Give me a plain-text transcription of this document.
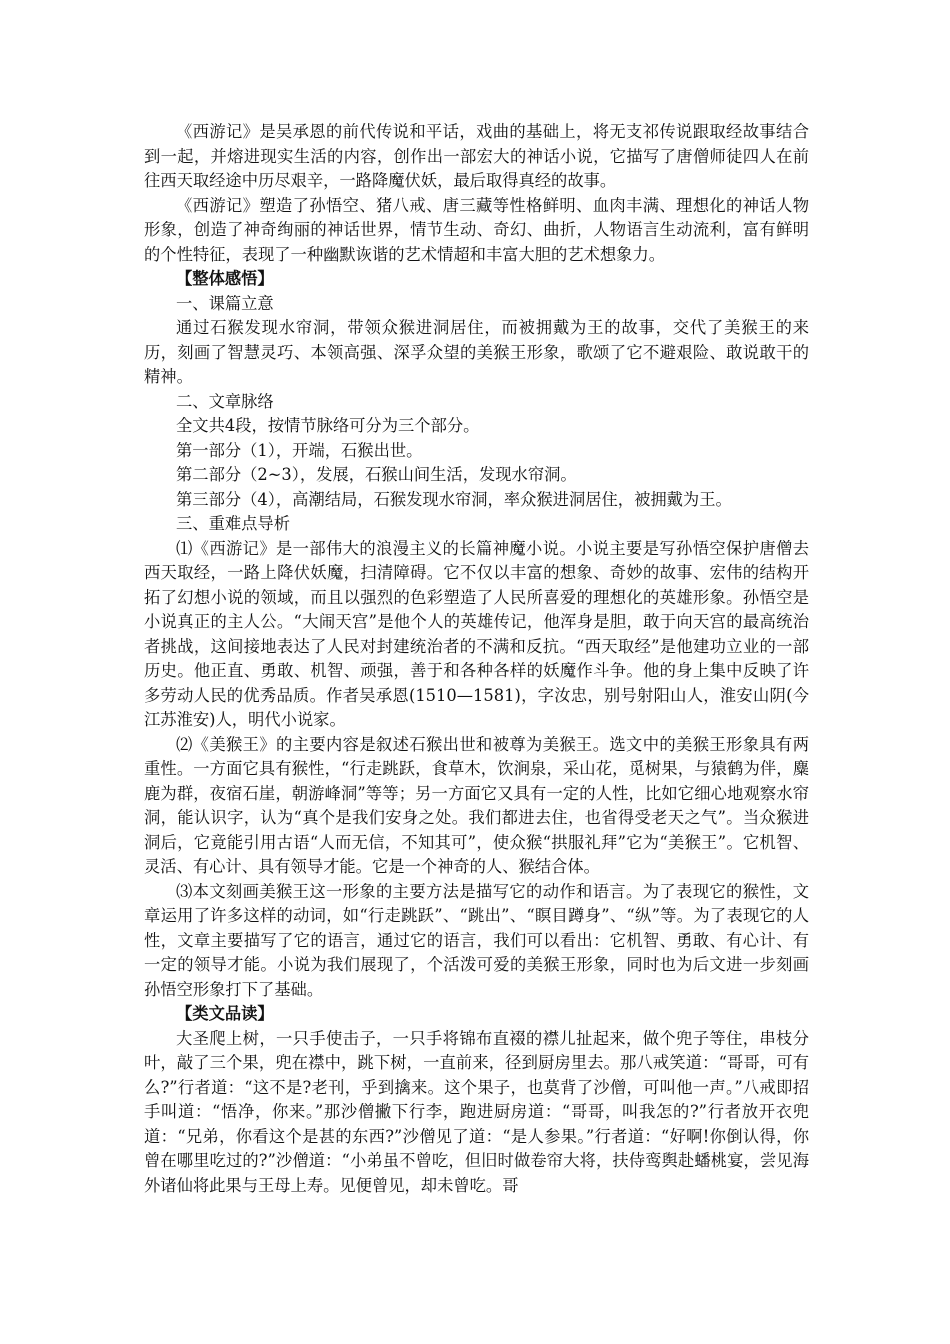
《西游记》是吴承恩的前代传说和平话，戏曲的基础上，将无支祁传说跟取经故事结合到一起，并熔进现实生活的内容，创作出一部宏大的神话小说，它描写了唐僧师徒四人在前往西天取经途中历尽艰辛，一路降魔伏妖，最后取得真经的故事。

《西游记》塑造了孙悟空、猪八戒、唐三藏等性格鲜明、血肉丰满、理想化的神话人物形象，创造了神奇绚丽的神话世界，情节生动、奇幻、曲折，人物语言生动流利，富有鲜明的个性特征，表现了一种幽默诙谐的艺术情超和丰富大胆的艺术想象力。

【整体感悟】

一、课篇立意

通过石猴发现水帘洞，带领众猴进洞居住，而被拥戴为王的故事，交代了美猴王的来历，刻画了智慧灵巧、本领高强、深孚众望的美猴王形象，歌颂了它不避艰险、敢说敢干的精神。

二、文章脉络

全文共4段，按情节脉络可分为三个部分。

第一部分（1），开端，石猴出世。

第二部分（2~3），发展，石猴山间生活，发现水帘洞。

第三部分（4），高潮结局，石猴发现水帘洞，率众猴进洞居住，被拥戴为王。

三、重难点导析

⑴《西游记》是一部伟大的浪漫主义的长篇神魔小说。小说主要是写孙悟空保护唐僧去西天取经，一路上降伏妖魔，扫清障碍。它不仅以丰富的想象、奇妙的故事、宏伟的结构开拓了幻想小说的领域，而且以强烈的色彩塑造了人民所喜爱的理想化的英雄形象。孙悟空是小说真正的主人公。“大闹天宫”是他个人的英雄传记，他浑身是胆，敢于向天宫的最高统治者挑战，这间接地表达了人民对封建统治者的不满和反抗。“西天取经”是他建功立业的一部历史。他正直、勇敢、机智、顽强，善于和各种各样的妖魔作斗争。他的身上集中反映了许多劳动人民的优秀品质。作者吴承恩(1510—1581)，字汝忠，别号射阳山人，淮安山阴(今江苏淮安)人，明代小说家。

⑵《美猴王》的主要内容是叙述石猴出世和被尊为美猴王。选文中的美猴王形象具有两重性。一方面它具有猴性，“行走跳跃，食草木，饮涧泉，采山花，觅树果，与猿鹤为伴，麋鹿为群，夜宿石崖，朝游峰洞”等等；另一方面它又具有一定的人性，比如它细心地观察水帘洞，能认识字，认为“真个是我们安身之处。我们都进去住，也省得受老天之气”。当众猴进洞后，它竟能引用古语“人而无信，不知其可”，使众猴“拱服礼拜”它为“美猴王”。它机智、灵活、有心计、具有领导才能。它是一个神奇的人、猴结合体。

⑶本文刻画美猴王这一形象的主要方法是描写它的动作和语言。为了表现它的猴性，文章运用了许多这样的动词，如“行走跳跃”、“跳出”、“瞑目蹲身”、“纵”等。为了表现它的人性，文章主要描写了它的语言，通过它的语言，我们可以看出：它机智、勇敢、有心计、有一定的领导才能。小说为我们展现了，个活泼可爱的美猴王形象，同时也为后文进一步刻画孙悟空形象打下了基础。

【类文品读】

大圣爬上树，一只手使击子，一只手将锦布直裰的襟儿扯起来，做个兜子等住，串枝分叶，敲了三个果，兜在襟中，跳下树，一直前来，径到厨房里去。那八戒笑道：“哥哥，可有么?”行者道：“这不是?老刊，乎到擒来。这个果子，也莫背了沙僧，可叫他一声。”八戒即招手叫道：“悟净，你来。”那沙僧撇下行李，跑进厨房道：“哥哥，叫我怎的?”行者放开衣兜道：“兄弟，你看这个是甚的东西?”沙僧见了道：“是人参果。”行者道：“好啊!你倒认得，你曾在哪里吃过的?”沙僧道：“小弟虽不曾吃，但旧时做卷帘大将，扶侍鸾舆赴蟠桃宴，尝见海外诸仙将此果与王母上寿。见便曾见，却未曾吃。哥
